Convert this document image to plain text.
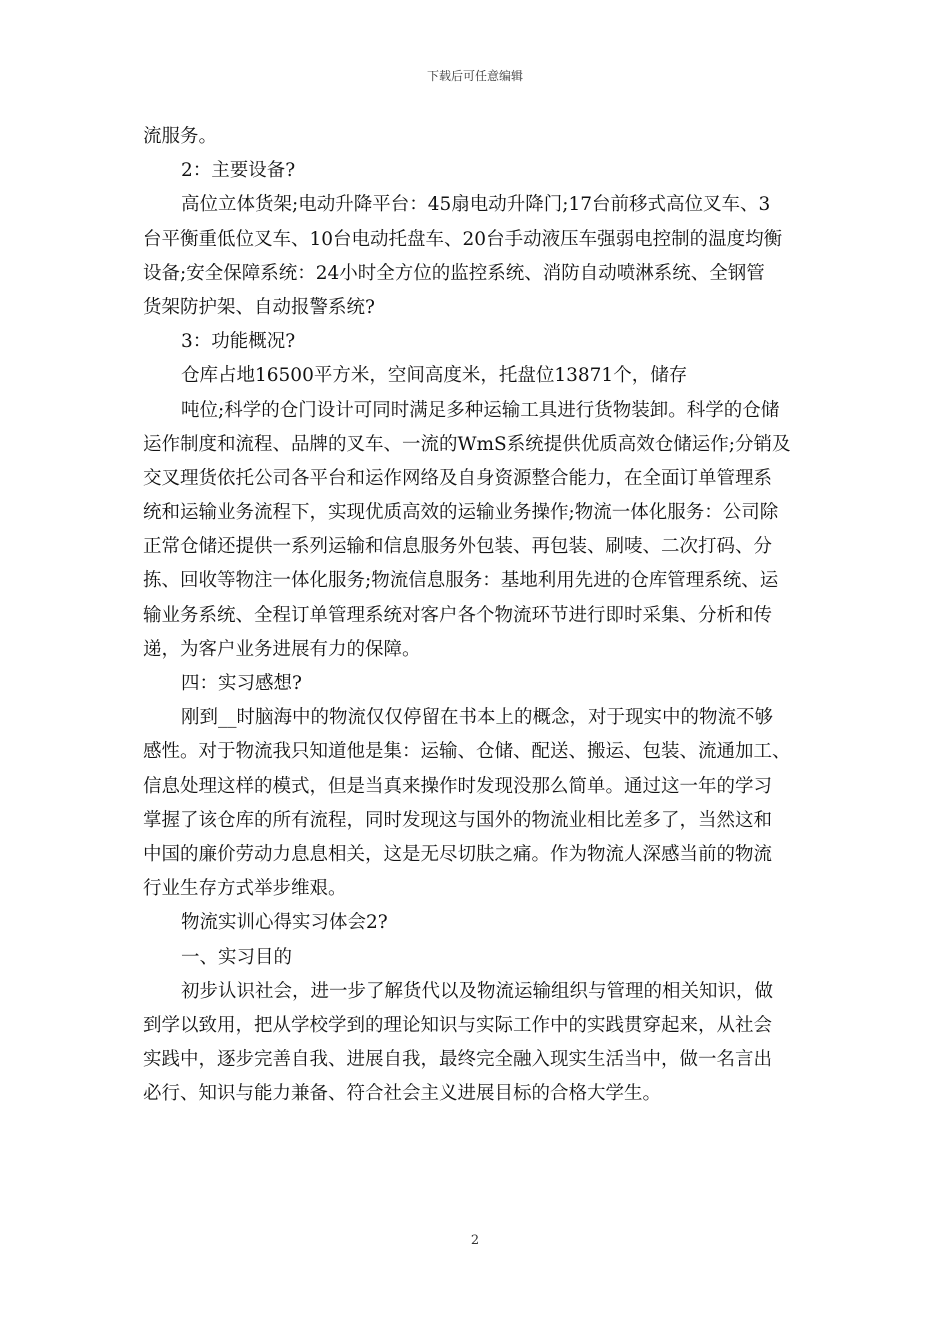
下载后可任意编辑
流服务。
2：主要设备?
高位立体货架;电动升降平台：45扇电动升降门;17台前移式高位叉车、3
台平衡重低位叉车、10台电动托盘车、20台手动液压车强弱电控制的温度均衡
设备;安全保障系统：24小时全方位的监控系统、消防自动喷淋系统、全钢管
货架防护架、自动报警系统?
3：功能概况?
仓库占地16500平方米，空间高度米，托盘位13871个，储存
吨位;科学的仓门设计可同时满足多种运输工具进行货物装卸。科学的仓储
运作制度和流程、品牌的叉车、一流的WmS系统提供优质高效仓储运作;分销及
交叉理货依托公司各平台和运作网络及自身资源整合能力，在全面订单管理系
统和运输业务流程下，实现优质高效的运输业务操作;物流一体化服务：公司除
正常仓储还提供一系列运输和信息服务外包装、再包装、刷唛、二次打码、分
拣、回收等物注一体化服务;物流信息服务：基地利用先进的仓库管理系统、运
输业务系统、全程订单管理系统对客户各个物流环节进行即时采集、分析和传
递，为客户业务进展有力的保障。
四：实习感想?
刚到__时脑海中的物流仅仅停留在书本上的概念，对于现实中的物流不够
感性。对于物流我只知道他是集：运输、仓储、配送、搬运、包装、流通加工、
信息处理这样的模式，但是当真来操作时发现没那么简单。通过这一年的学习
掌握了该仓库的所有流程，同时发现这与国外的物流业相比差多了，当然这和
中国的廉价劳动力息息相关，这是无尽切肤之痛。作为物流人深感当前的物流
行业生存方式举步维艰。
物流实训心得实习体会2?
一、实习目的
初步认识社会，进一步了解货代以及物流运输组织与管理的相关知识，做
到学以致用，把从学校学到的理论知识与实际工作中的实践贯穿起来，从社会
实践中，逐步完善自我、进展自我，最终完全融入现实生活当中，做一名言出
必行、知识与能力兼备、符合社会主义进展目标的合格大学生。
2
